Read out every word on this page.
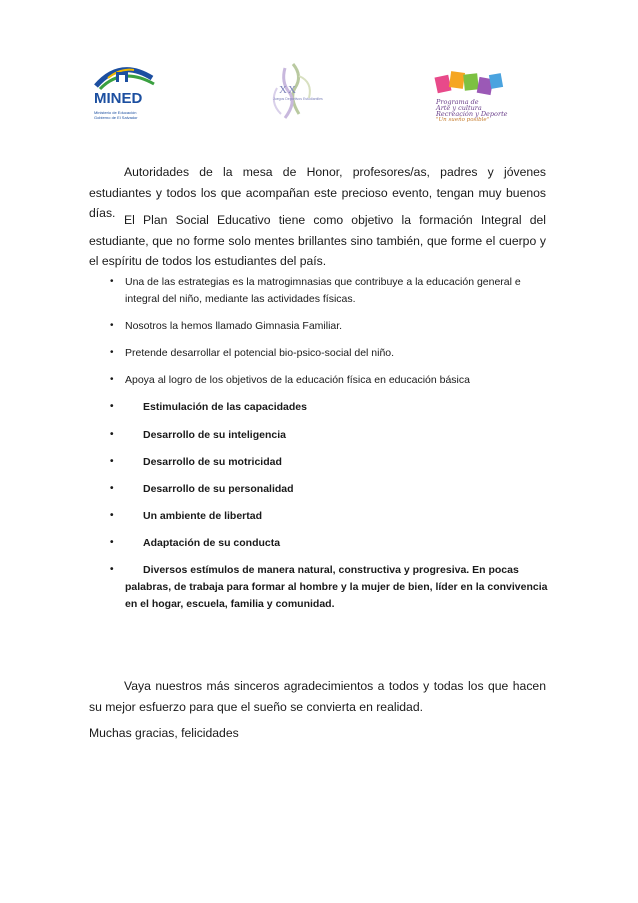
MINED
Ministerio de Educación
Gobierno de El Salvador
XX
Juegos Deportivos Estudiantiles	Programa de
Arte y cultura
Recreación y Deporte
"Un sueño posible"

Autoridades de la mesa de Honor, profesores/as, padres y jóvenes estudiantes y todos los que acompañan este precioso evento, tengan muy buenos días. El Plan Social Educativo tiene como objetivo la formación Integral del estudiante, que no forme solo mentes brillantes sino también, que forme el cuerpo y el espíritu de todos los estudiantes del país.

• Una de las estrategias es la matrogimnasias que contribuye a la educación general e integral del niño, mediante las actividades físicas.
• Nosotros la hemos llamado Gimnasia Familiar.
• Pretende desarrollar el potencial bio-psico-social del niño.
• Apoya al logro de los objetivos de la educación física en educación básica
•	Estimulación de las capacidades
•	Desarrollo de su inteligencia
•	Desarrollo de su motricidad
•	Desarrollo de su personalidad
•	Un ambiente de libertad
•	Adaptación de su conducta
•	Diversos estímulos de manera natural, constructiva y progresiva. En pocas palabras, de trabaja para formar al hombre y la mujer de bien, líder en la convivencia en el hogar, escuela, familia y comunidad.

Vaya nuestros más sinceros agradecimientos a todos y todas los que hacen su mejor esfuerzo para que el sueño se convierta en realidad.

Muchas gracias, felicidades
